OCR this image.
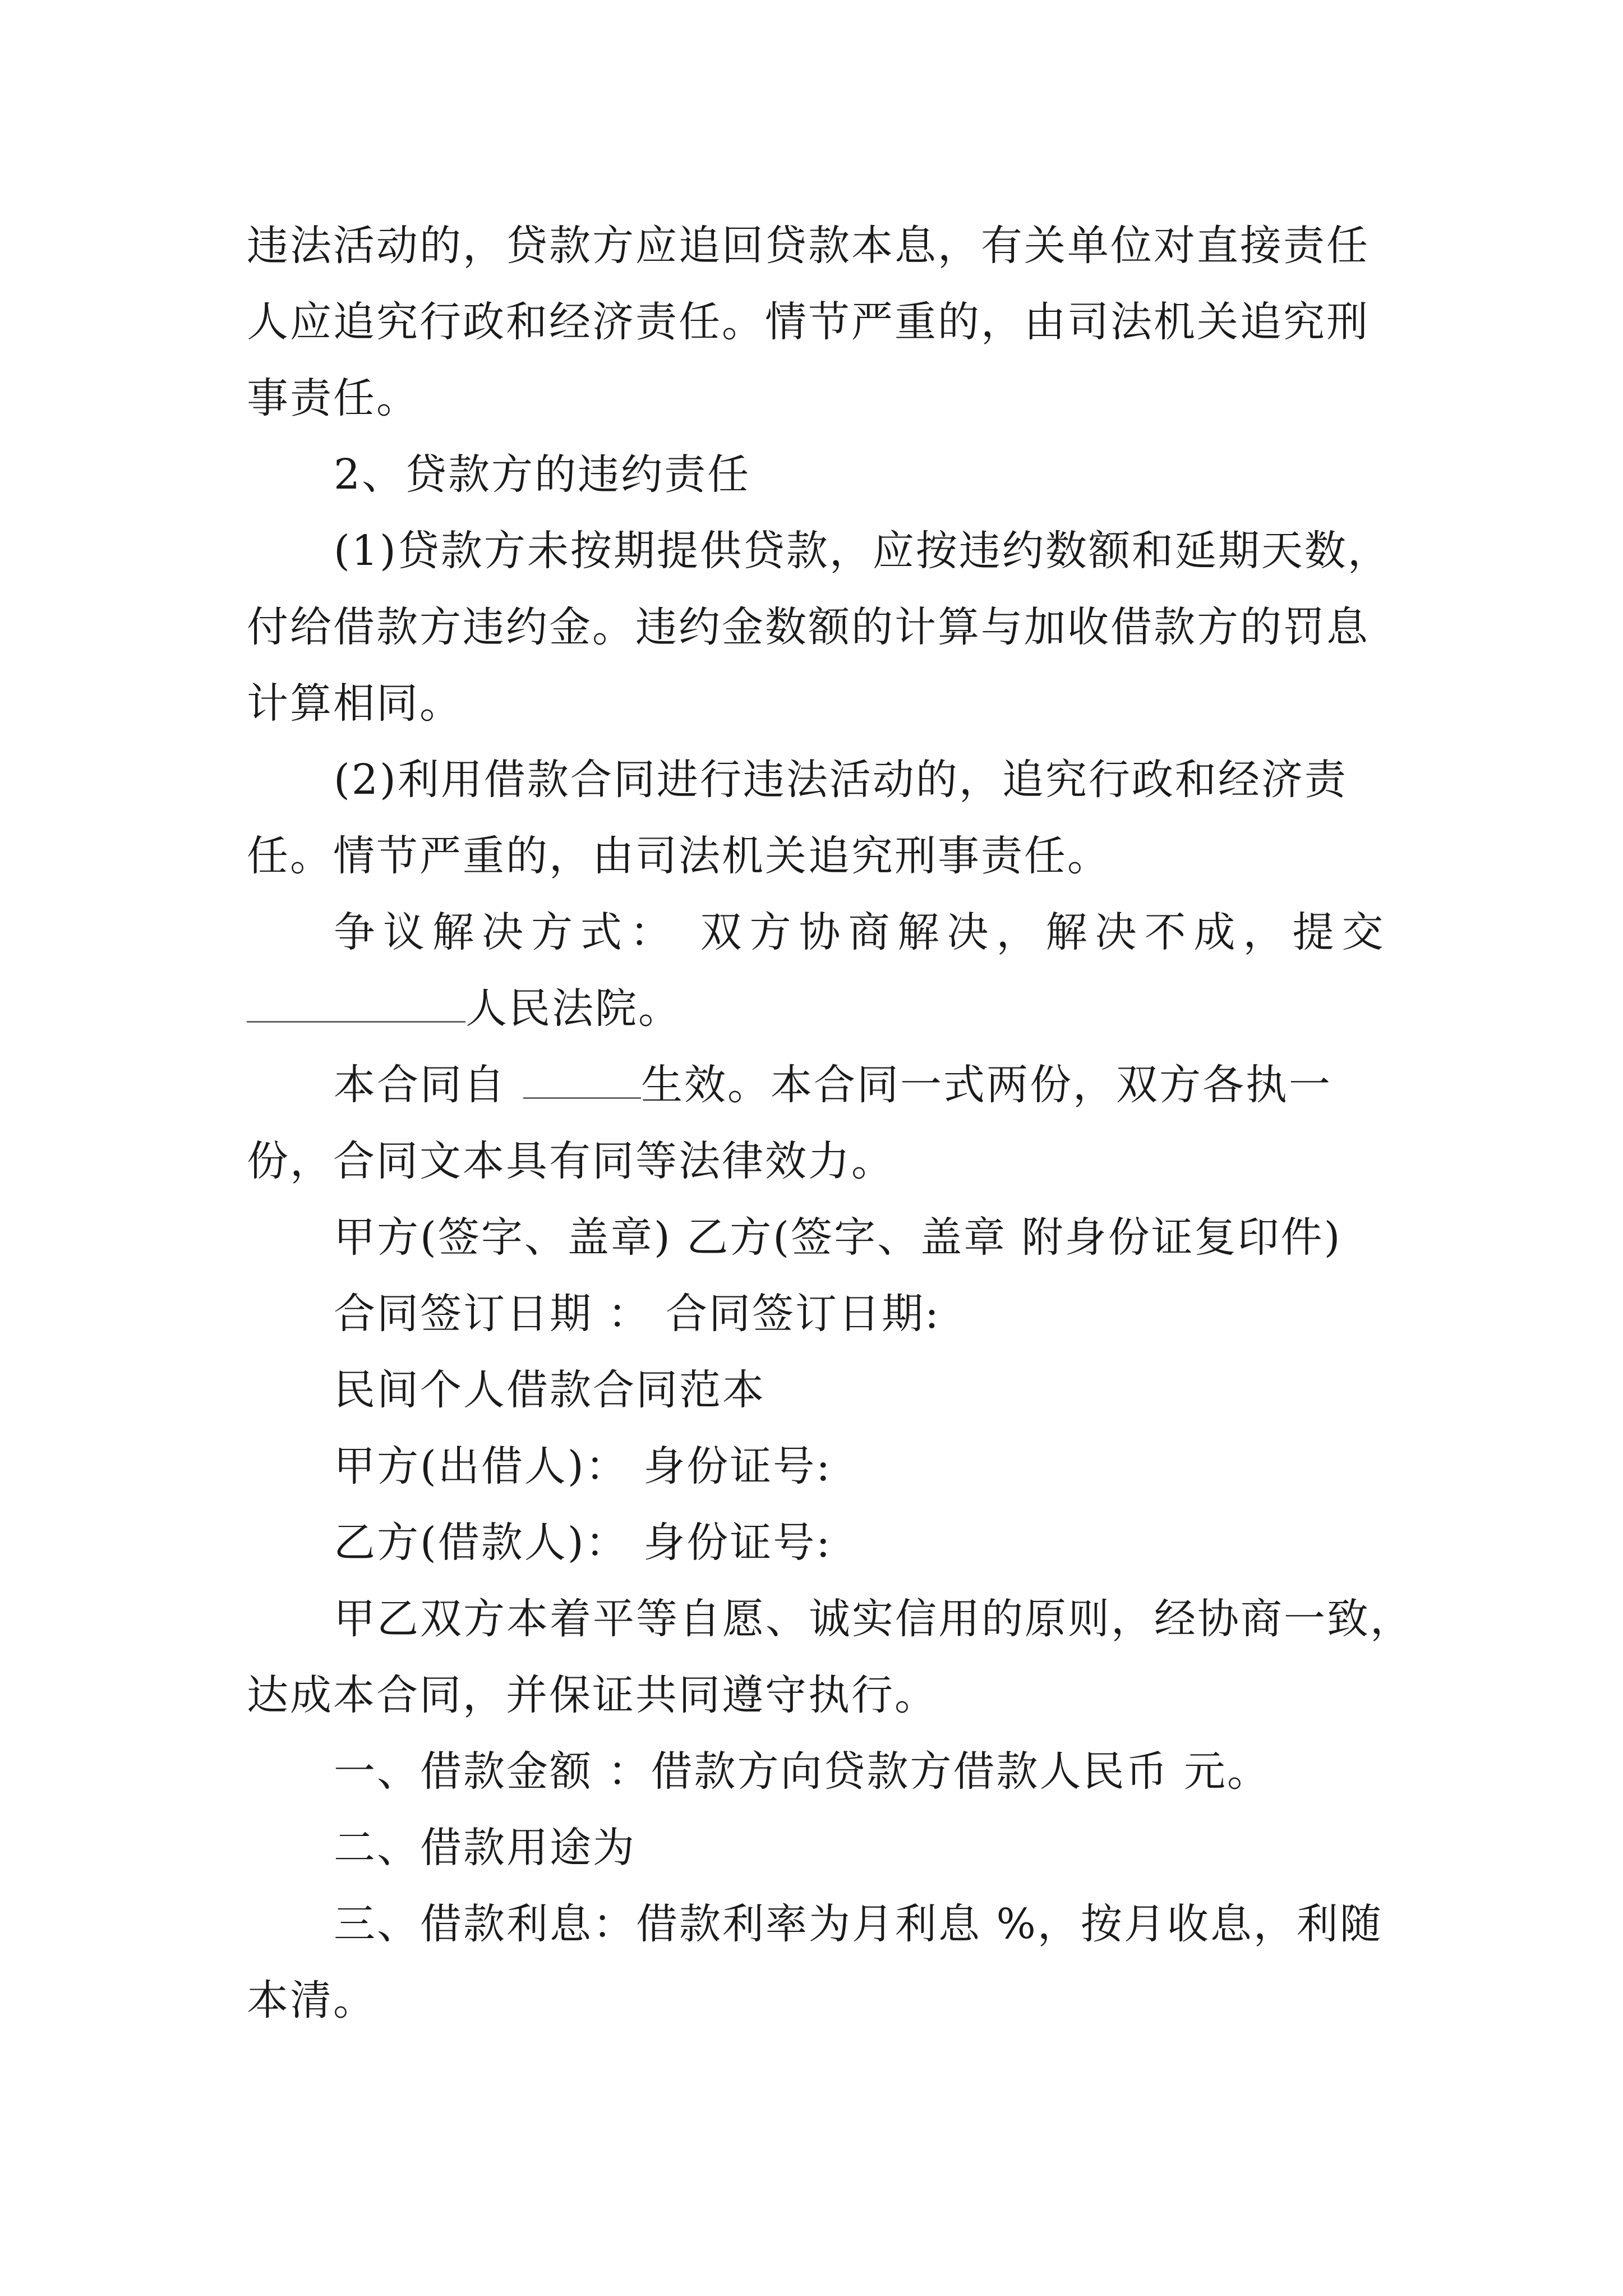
违法活动的，贷款方应追回贷款本息，有关单位对直接责任
人应追究行政和经济责任。情节严重的，由司法机关追究刑
事责任。
2、贷款方的违约责任
(1)贷款方未按期提供贷款，应按违约数额和延期天数，
付给借款方违约金。违约金数额的计算与加收借款方的罚息
计算相同。
(2)利用借款合同进行违法活动的，追究行政和经济责
任。情节严重的，由司法机关追究刑事责任。
争议解决方式： 双方协商解决，解决不成，提交
人民法院。
本合同自	生效。本合同一式两份，双方各执一
份，合同文本具有同等法律效力。
甲方(签字、盖章) 乙方(签字、盖章 附身份证复印件)
合同签订日期 ： 合同签订日期:
民间个人借款合同范本
甲方(出借人)： 身份证号:
乙方(借款人)： 身份证号:
甲乙双方本着平等自愿、诚实信用的原则，经协商一致，
达成本合同，并保证共同遵守执行。
一、借款金额 ：借款方向贷款方借款人民币 元。
二、借款用途为
三、借款利息：借款利率为月利息 %，按月收息，利随
本清。
